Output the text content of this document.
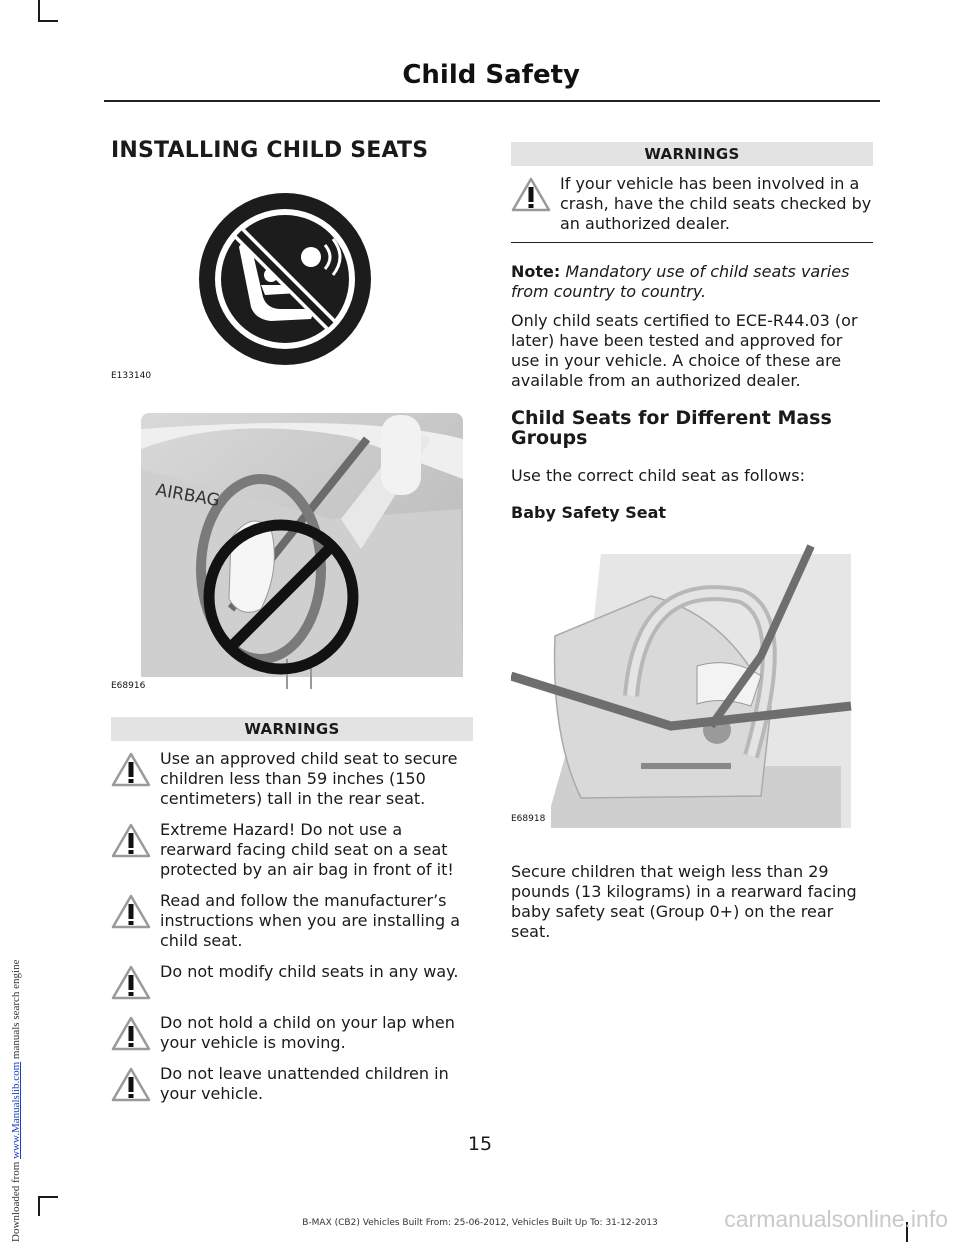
Downloaded from www.Manualslib.com manuals search engine
Child Safety
INSTALLING CHILD SEATS
E133140
AIRBAG
E68916
WARNINGS
Use an approved child seat to secure children less than 59 inches (150 centimeters) tall in the rear seat.
Extreme Hazard! Do not use a rearward facing child seat on a seat protected by an air bag in front of it!
Read and follow the manufacturer’s instructions when you are installing a child seat.
Do not modify child seats in any way.
Do not hold a child on your lap when your vehicle is moving.
Do not leave unattended children in your vehicle.
WARNINGS
If your vehicle has been involved in a crash, have the child seats checked by an authorized dealer.

Note: Mandatory use of child seats varies from country to country.

Only child seats certified to ECE-R44.03 (or later) have been tested and approved for use in your vehicle. A choice of these are available from an authorized dealer.

Child Seats for Different Mass Groups

Use the correct child seat as follows:

Baby Safety Seat
E68918

Secure children that weigh less than 29 pounds (13 kilograms) in a rearward facing baby safety seat (Group 0+) on the rear seat.

15
B-MAX (CB2) Vehicles Built From: 25-06-2012, Vehicles Built Up To: 31-12-2013	carmanualsonline.info
